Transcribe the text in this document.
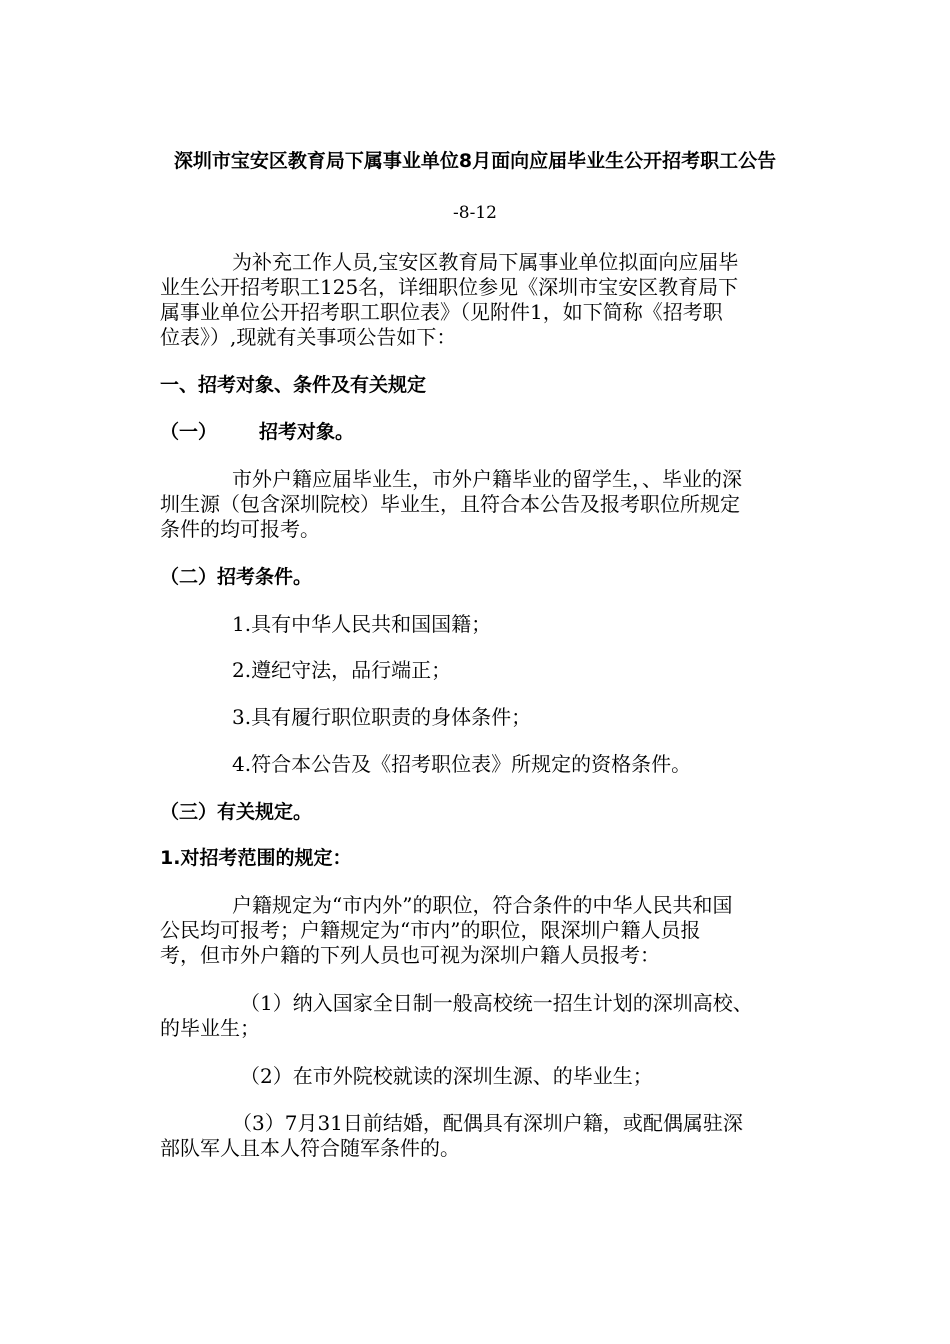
深圳市宝安区教育局下属事业单位8月面向应届毕业生公开招考职工公告

-8-12

为补充工作人员,宝安区教育局下属事业单位拟面向应届毕

业生公开招考职工125名，详细职位参见《深圳市宝安区教育局下

属事业单位公开招考职工职位表》（见附件1，如下简称《招考职

位表》）,现就有关事项公告如下：

一、招考对象、条件及有关规定

（一） 招考对象。

市外户籍应届毕业生，市外户籍毕业的留学生，、毕业的深

圳生源（包含深圳院校）毕业生，且符合本公告及报考职位所规定

条件的均可报考。

（二）招考条件。

1.具有中华人民共和国国籍；

2.遵纪守法，品行端正；

3.具有履行职位职责的身体条件；

4.符合本公告及《招考职位表》所规定的资格条件。

（三）有关规定。

1.对招考范围的规定：

户籍规定为“市内外”的职位，符合条件的中华人民共和国

公民均可报考；户籍规定为“市内”的职位，限深圳户籍人员报

考，但市外户籍的下列人员也可视为深圳户籍人员报考：

（1）纳入国家全日制一般高校统一招生计划的深圳高校、

的毕业生；

（2）在市外院校就读的深圳生源、的毕业生；

（3）7月31日前结婚，配偶具有深圳户籍，或配偶属驻深

部队军人且本人符合随军条件的。
